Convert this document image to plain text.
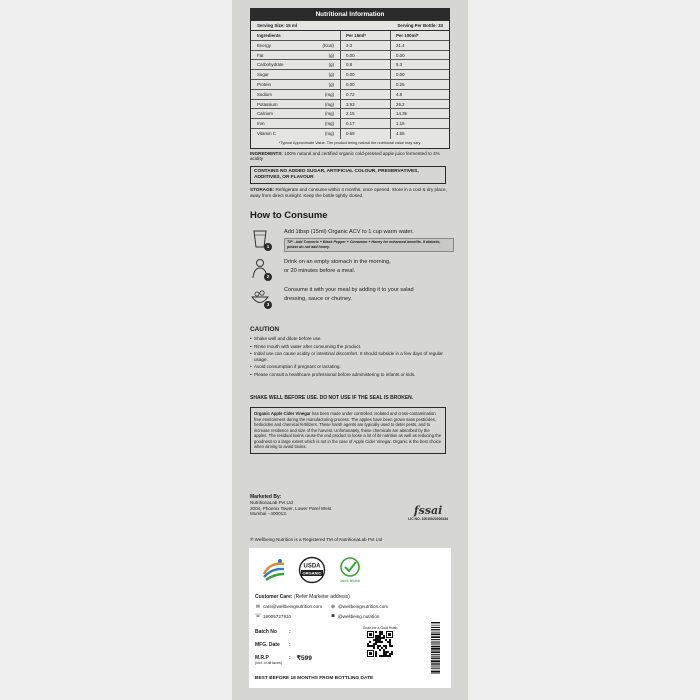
Nutritional Information
Serving Size: 15 ml	Serving Per Bottle: 33
Ingredients	Per 15ml*	Per 100ml*
Energy	(Kcal)	3.3	21.4
Fat	(g)	0.00	0.00
Carbohydrate	(g)	0.8	5.3
Sugar	(g)	0.00	0.00
Protein	(g)	0.00	0.25
Sodium	(mg)	0.72	4.8
Potassium	(mg)	3.93	26.2
Calcium	(mg)	2.15	14.35
Iron	(mg)	0.17	1.15
Vitamin C	(mg)	0.69	4.65
*Typical Approximate Value. The product being natural the nutritional value may vary.
INGREDIENTS: 100% natural and certified organic cold-pressed apple juice fermented to 4% acidity
CONTAINS NO ADDED SUGAR, ARTIFICIAL COLOUR, PRESERVATIVES, ADDITIVES, OR FLAVOUR
STORAGE: Refrigerate and consume within 4 months, once opened. Store in a cool & dry place, away from direct sunlight. Keep the bottle tightly closed.
How to Consume
1
Add 1tbsp (15ml) Organic ACV to 1 cup warm water.
TIP - Add Turmeric + Black Pepper + Cinnamon + Honey for enhanced benefits. If diabetic, please do not add honey.
2
Drink on an empty stomach in the morning,
or 20 minutes before a meal.
3
Consume it with your meal by adding it to your salad
dressing, sauce or chutney.
CAUTION
• Shake well and dilute before use.
• Rinse mouth with water after consuming the product.
• Initial use can cause acidity or intestinal discomfort. It should subside in a few days of regular usage.
• Avoid consumption if pregnant or lactating.
• Please consult a healthcare professional before administering to infants or kids.
SHAKE WELL BEFORE USE. DO NOT USE IF THE SEAL IS BROKEN.
Organic Apple Cider Vinegar has been made under controlled, isolated and cross-contamination free environment during the manufacturing process. The apples have been grown sans pesticides, herbicides and chemical fertilizers. These harsh agents are typically used to deter pests, and to increase resilience and size of the harvest. Unfortunately, these chemicals are absorbed by the apples. The residual toxins cause the end product to loose a lot of its nutrition as well as reducing the goodness to a large extent which is not in the case of Apple Cider Vinegar. Organic is the best choice when aiming to avoid toxins.
Marketed By:
NutritionaLab Pvt Ltd
2004, Phoenix Tower, Lower Parel West
Mumbai - 400013.	fssai
LIC NO. 10019022009134
® Wellbeing Nutrition is a Registered TM of NutritionaLab Pvt Ltd
USDA
ORGANIC
Jaivik Bharat
Customer Care: (Refer Marketer address)
✉ care@wellbeingnutrition.com ⊕ @wellbeingnutrition.com
☏ 18005727910	◙ @wellbeing.nutrition
Batch No	:
MFG. Date	:
M.R.P
(incl. of all taxes)
: ₹599
Scan for a Gold Rush
BEST BEFORE 18 MONTHS FROM BOTTLING DATE
